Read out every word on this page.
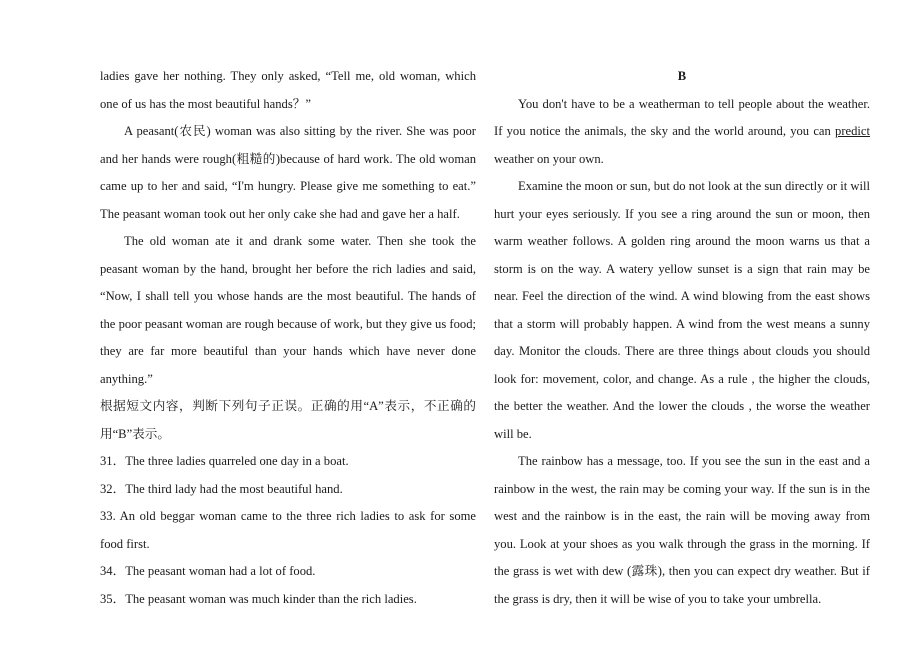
ladies gave her nothing. They only asked, “Tell me, old woman, which one of us has the most beautiful hands？”

A peasant(农民) woman was also sitting by the river. She was poor and her hands were rough(粗糙的)because of hard work. The old woman came up to her and said, “I'm hungry. Please give me something to eat.” The peasant woman took out her only cake she had and gave her a half.

The old woman ate it and drank some water. Then she took the peasant woman by the hand, brought her before the rich ladies and said, “Now, I shall tell you whose hands are the most beautiful. The hands of the poor peasant woman are rough because of work, but they give us food; they are far more beautiful than your hands which have never done anything.”

根据短文内容，判断下列句子正误。正确的用“A”表示，不正确的用“B”表示。

31．The three ladies quarreled one day in a boat.

32．The third lady had the most beautiful hand.

33. An old beggar woman came to the three rich ladies to ask for some food first.

34．The peasant woman had a lot of food.

35．The peasant woman was much kinder than the rich ladies.

B

You don't have to be a weatherman to tell people about the weather. If you notice the animals, the sky and the world around, you can predict weather on your own.

Examine the moon or sun, but do not look at the sun directly or it will hurt your eyes seriously. If you see a ring around the sun or moon, then warm weather follows. A golden ring around the moon warns us that a storm is on the way. A watery yellow sunset is a sign that rain may be near. Feel the direction of the wind. A wind blowing from the east shows that a storm will probably happen. A wind from the west means a sunny day. Monitor the clouds. There are three things about clouds you should look for: movement, color, and change. As a rule , the higher the clouds, the better the weather. And the lower the clouds , the worse the weather will be.

The rainbow has a message, too. If you see the sun in the east and a rainbow in the west, the rain may be coming your way. If the sun is in the west and the rainbow is in the east, the rain will be moving away from you. Look at your shoes as you walk through the grass in the morning. If the grass is wet with dew (露珠), then you can expect dry weather. But if the grass is dry, then it will be wise of you to take your umbrella.
